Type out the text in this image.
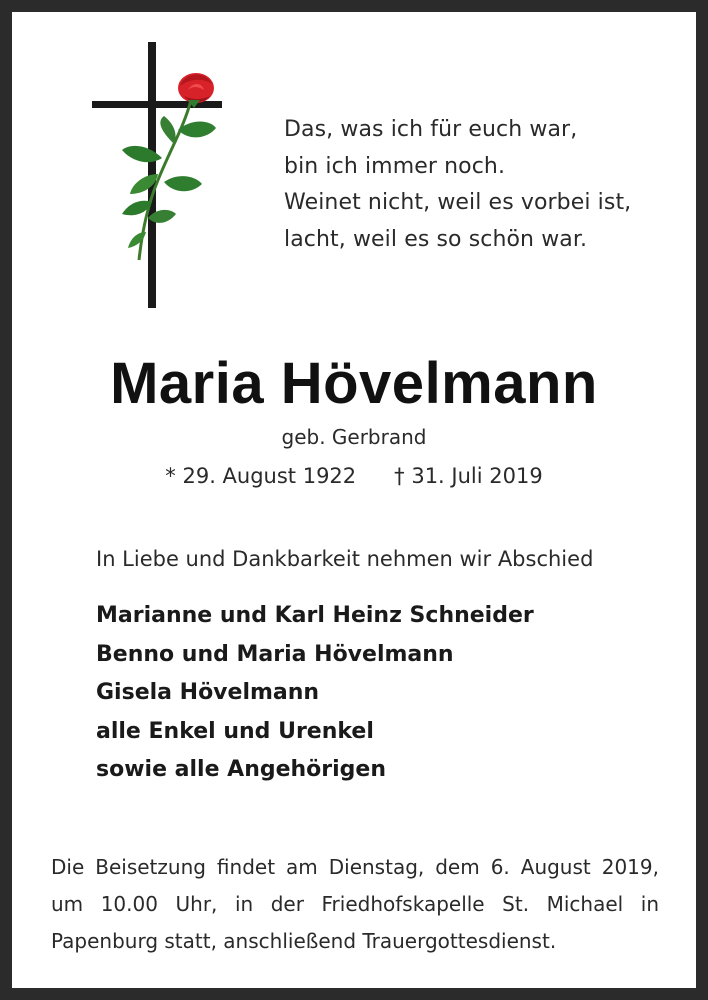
Das, was ich für euch war,
bin ich immer noch.
Weinet nicht, weil es vorbei ist,
lacht, weil es so schön war.
Maria Hövelmann
geb. Gerbrand
* 29. August 1922 † 31. Juli 2019
In Liebe und Dankbarkeit nehmen wir Abschied
Marianne und Karl Heinz Schneider
Benno und Maria Hövelmann
Gisela Hövelmann
alle Enkel und Urenkel
sowie alle Angehörigen
Die Beisetzung findet am Dienstag, dem 6. August 2019,
um 10.00 Uhr, in der Friedhofskapelle St. Michael in
Papenburg statt, anschließend Trauergottesdienst.
